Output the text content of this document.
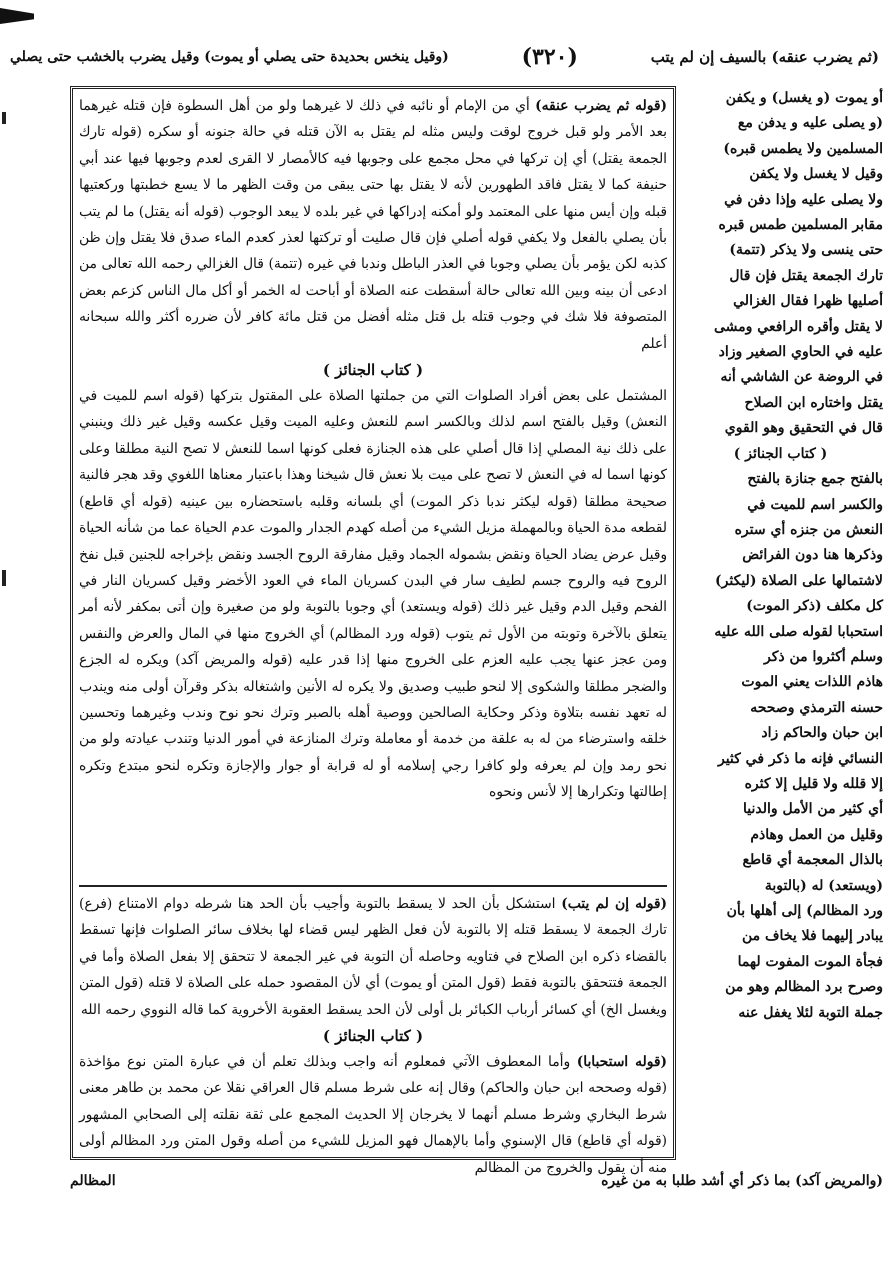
(ثم يضرب عنقه) بالسيف إن لم يتب
(٣٢٠)
(وقيل ينخس بحديدة حتى يصلي أو يموت) وقيل يضرب بالخشب حتى يصلي

أو يموت (و يغسل) و يكفن

(و يصلى عليه و يدفن مع

المسلمين ولا يطمس قبره)

وقيل لا يغسل ولا يكفن

ولا يصلى عليه وإذا دفن في

مقابر المسلمين طمس قبره

حتى ينسى ولا يذكر (تتمة)

تارك الجمعة يقتل فإن قال

أصليها ظهرا فقال الغزالي

لا يقتل وأقره الرافعي ومشى

عليه في الحاوي الصغير وزاد

في الروضة عن الشاشي أنه

يقتل واختاره ابن الصلاح

قال في التحقيق وهو القوي

( كتاب الجنائز )

بالفتح جمع جنازة بالفتح

والكسر اسم للميت في

النعش من جنزه أي ستره

وذكرها هنا دون الفرائض

لاشتمالها على الصلاة (ليكثر)

كل مكلف (ذكر الموت)

استحبابا لقوله صلى الله عليه

وسلم أكثروا من ذكر

هاذم اللذات يعني الموت

حسنه الترمذي وصححه

ابن حبان والحاكم زاد

النسائي فإنه ما ذكر في كثير

إلا قلله ولا قليل إلا كثره

أي كثير من الأمل والدنيا

وقليل من العمل وهاذم

بالذال المعجمة أي قاطع

(ويستعد) له (بالتوبة

ورد المظالم) إلى أهلها بأن

يبادر إليهما فلا يخاف من

فجأة الموت المفوت لهما

وصرح برد المظالم وهو من

جملة التوبة لئلا يغفل عنه

(قوله ثم يضرب عنقه) أي من الإمام أو نائبه في ذلك لا غيرهما ولو من أهل السطوة فإن قتله غيرهما بعد الأمر ولو قبل خروج لوقت وليس مثله لم يقتل به الآن قتله في حالة جنونه أو سكره (قوله تارك الجمعة يقتل) أي إن تركها في محل مجمع على وجوبها فيه كالأمصار لا القرى لعدم وجوبها فيها عند أبي حنيفة كما لا يقتل فاقد الطهورين لأنه لا يقتل بها حتى يبقى من وقت الظهر ما لا يسع خطبتها وركعتيها قبله وإن أيس منها على المعتمد ولو أمكنه إدراكها في غير بلده لا يبعد الوجوب (قوله أنه يقتل) ما لم يتب بأن يصلي بالفعل ولا يكفي قوله أصلي فإن قال صليت أو تركتها لعذر كعدم الماء صدق فلا يقتل وإن ظن كذبه لكن يؤمر بأن يصلي وجوبا في العذر الباطل وندبا في غيره (تتمة) قال الغزالي رحمه الله تعالى من ادعى أن بينه وبين الله تعالى حالة أسقطت عنه الصلاة أو أباحت له الخمر أو أكل مال الناس كزعم بعض المتصوفة فلا شك في وجوب قتله بل قتل مثله أفضل من قتل مائة كافر لأن ضرره أكثر والله سبحانه أعلم

( كتاب الجنائز )

المشتمل على بعض أفراد الصلوات التي من جملتها الصلاة على المقتول بتركها (قوله اسم للميت في النعش) وقيل بالفتح اسم لذلك وبالكسر اسم للنعش وعليه الميت وقيل عكسه وقيل غير ذلك وينبني على ذلك نية المصلي إذا قال أصلي على هذه الجنازة فعلى كونها اسما للنعش لا تصح النية مطلقا وعلى كونها اسما له في النعش لا تصح على ميت بلا نعش قال شيخنا وهذا باعتبار معناها اللغوي وقد هجر فالنية صحيحة مطلقا (قوله ليكثر ندبا ذكر الموت) أي بلسانه وقلبه باستحضاره بين عينيه (قوله أي قاطع) لقطعه مدة الحياة وبالمهملة مزيل الشيء من أصله كهدم الجدار والموت عدم الحياة عما من شأنه الحياة وقيل عرض يضاد الحياة ونقض بشموله الجماد وقيل مفارقة الروح الجسد ونقض بإخراجه للجنين قبل نفخ الروح فيه والروح جسم لطيف سار في البدن كسريان الماء في العود الأخضر وقيل كسريان النار في الفحم وقيل الدم وقيل غير ذلك (قوله ويستعد) أي وجوبا بالتوبة ولو من صغيرة وإن أتى بمكفر لأنه أمر يتعلق بالآخرة وتوبته من الأول ثم يتوب (قوله ورد المظالم) أي الخروج منها في المال والعرض والنفس ومن عجز عنها يجب عليه العزم على الخروج منها إذا قدر عليه (قوله والمريض آكد) ويكره له الجزع والضجر مطلقا والشكوى إلا لنحو طبيب وصديق ولا يكره له الأنين واشتغاله بذكر وقرآن أولى منه ويندب له تعهد نفسه بتلاوة وذكر وحكاية الصالحين ووصية أهله بالصبر وترك نحو نوح وندب وغيرهما وتحسين خلقه واسترضاء من له به علقة من خدمة أو معاملة وترك المنازعة في أمور الدنيا وتندب عيادته ولو من نحو رمد وإن لم يعرفه ولو كافرا رجي إسلامه أو له قرابة أو جوار والإجازة وتكره لنحو مبتدع وتكره إطالتها وتكرارها إلا لأنس ونحوه

(قوله إن لم يتب) استشكل بأن الحد لا يسقط بالتوبة وأجيب بأن الحد هنا شرطه دوام الامتناع (فرع) تارك الجمعة لا يسقط قتله إلا بالتوبة لأن فعل الظهر ليس قضاء لها بخلاف سائر الصلوات فإنها تسقط بالقضاء ذكره ابن الصلاح في فتاويه وحاصله أن التوبة في غير الجمعة لا تتحقق إلا بفعل الصلاة وأما في الجمعة فتتحقق بالتوبة فقط (قول المتن أو يموت) أي لأن المقصود حمله على الصلاة لا قتله (قول المتن ويغسل الخ) أي كسائر أرباب الكبائر بل أولى لأن الحد يسقط العقوبة الأخروية كما قاله النووي رحمه الله

( كتاب الجنائز )

(قوله استحبابا) وأما المعطوف الآتي فمعلوم أنه واجب وبذلك تعلم أن في عبارة المتن نوع مؤاخذة (قوله وصححه ابن حبان والحاكم) وقال إنه على شرط مسلم قال العراقي نقلا عن محمد بن طاهر معنى شرط البخاري وشرط مسلم أنهما لا يخرجان إلا الحديث المجمع على ثقة نقلته إلى الصحابي المشهور (قوله أي قاطع) قال الإسنوي وأما بالإهمال فهو المزيل للشيء من أصله وقول المتن ورد المظالم أولى منه أن يقول والخروج من المظالم

(والمريض آكد) بما ذكر أي أشد طلبا به من غيره
المظالم
